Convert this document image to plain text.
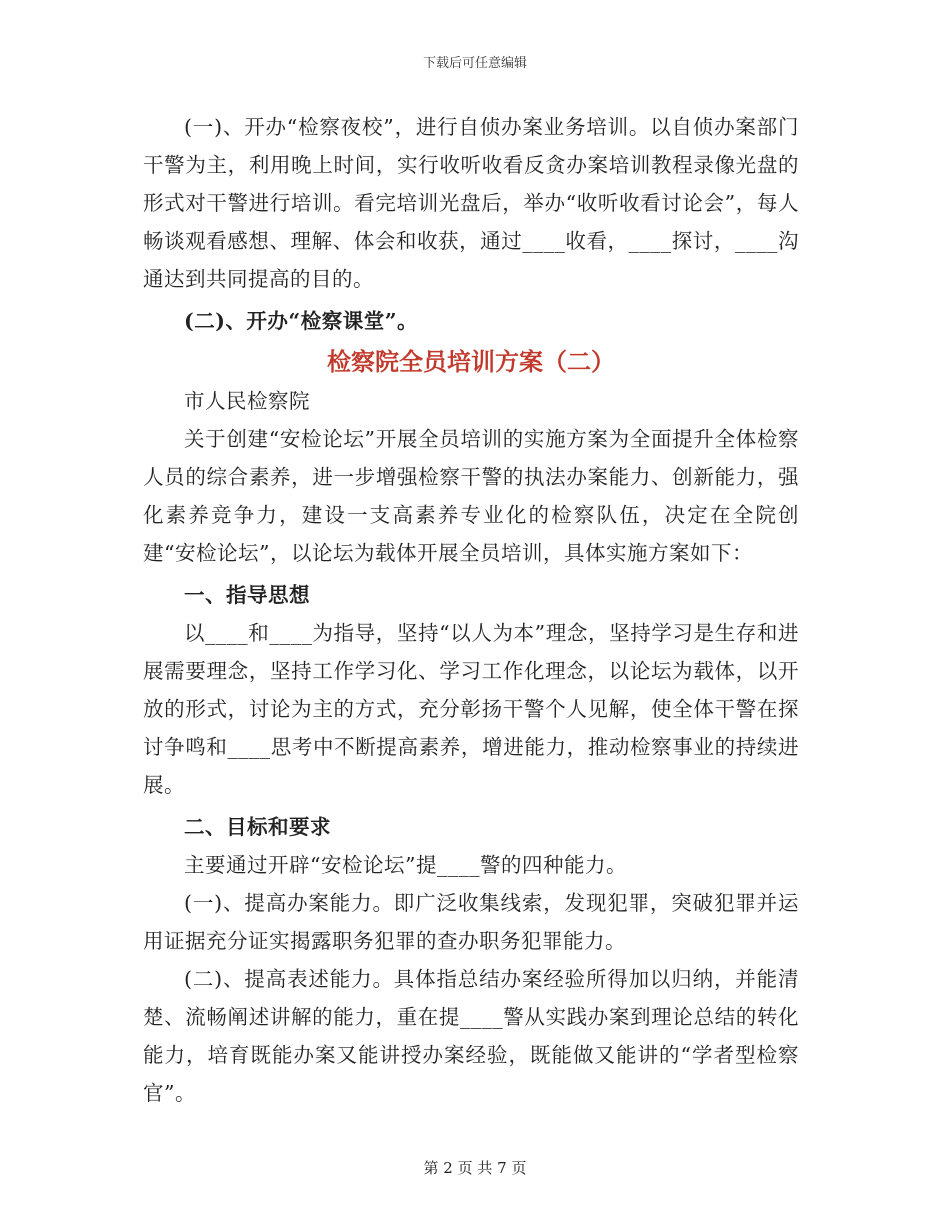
下载后可任意编辑

(一)、开办“检察夜校”，进行自侦办案业务培训。以自侦办案部门干警为主，利用晚上时间，实行收听收看反贪办案培训教程录像光盘的形式对干警进行培训。看完培训光盘后，举办“收听收看讨论会”，每人畅谈观看感想、理解、体会和收获，通过____收看，____探讨，____沟通达到共同提高的目的。

(二)、开办“检察课堂”。

检察院全员培训方案（二）

市人民检察院

关于创建“安检论坛”开展全员培训的实施方案为全面提升全体检察人员的综合素养，进一步增强检察干警的执法办案能力、创新能力，强化素养竞争力，建设一支高素养专业化的检察队伍，决定在全院创建“安检论坛”，以论坛为载体开展全员培训，具体实施方案如下：

一、指导思想

以____和____为指导，坚持“以人为本”理念，坚持学习是生存和进展需要理念，坚持工作学习化、学习工作化理念，以论坛为载体，以开放的形式，讨论为主的方式，充分彰扬干警个人见解，使全体干警在探讨争鸣和____思考中不断提高素养，增进能力，推动检察事业的持续进展。

二、目标和要求

主要通过开辟“安检论坛”提____警的四种能力。

(一)、提高办案能力。即广泛收集线索，发现犯罪，突破犯罪并运用证据充分证实揭露职务犯罪的查办职务犯罪能力。

(二)、提高表述能力。具体指总结办案经验所得加以归纳，并能清楚、流畅阐述讲解的能力，重在提____警从实践办案到理论总结的转化能力，培育既能办案又能讲授办案经验，既能做又能讲的“学者型检察官”。

第 2 页 共 7 页
